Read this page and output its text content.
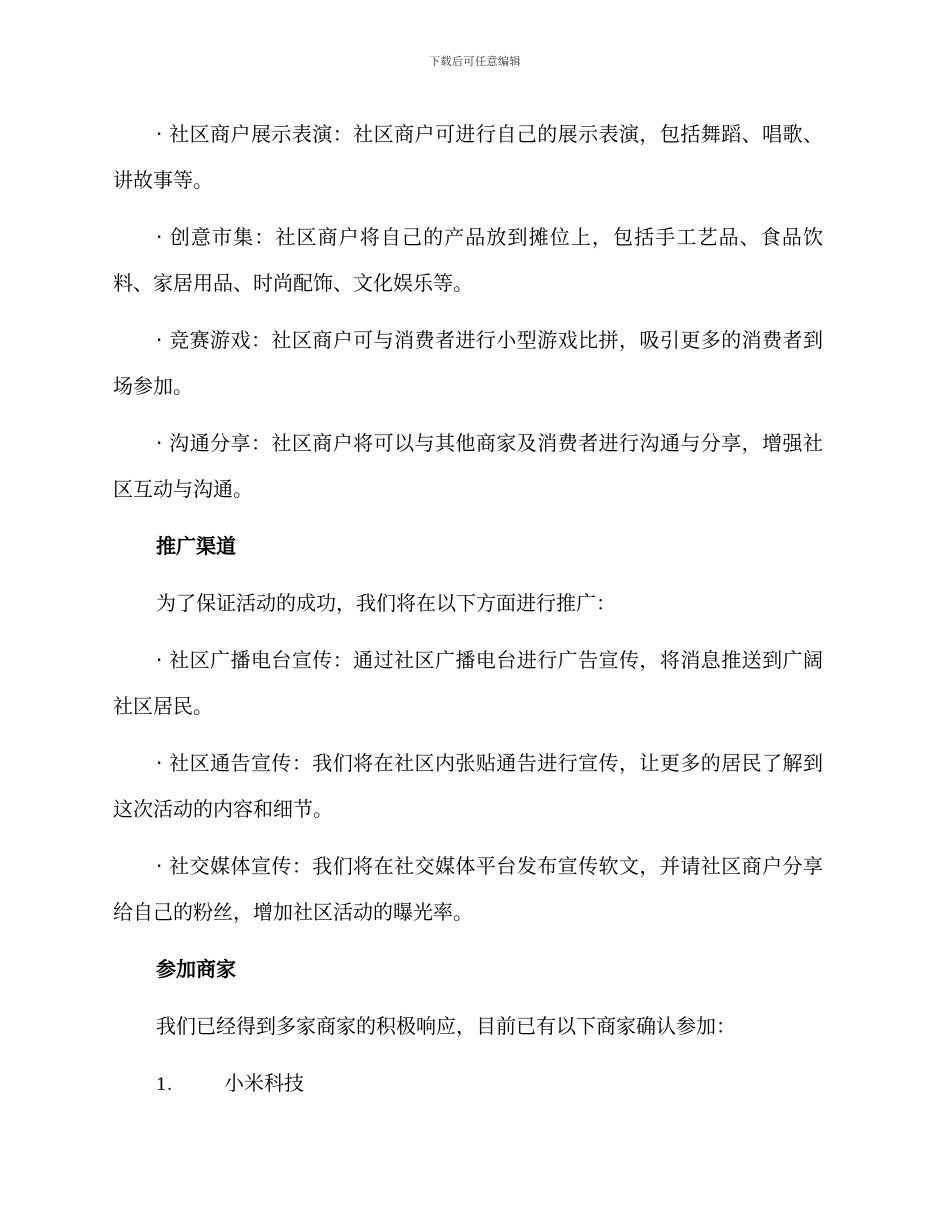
下载后可任意编辑

· 社区商户展示表演：社区商户可进行自己的展示表演，包括舞蹈、唱歌、讲故事等。

· 创意市集：社区商户将自己的产品放到摊位上，包括手工艺品、食品饮料、家居用品、时尚配饰、文化娱乐等。

· 竞赛游戏：社区商户可与消费者进行小型游戏比拼，吸引更多的消费者到场参加。

· 沟通分享：社区商户将可以与其他商家及消费者进行沟通与分享，增强社区互动与沟通。

推广渠道

为了保证活动的成功，我们将在以下方面进行推广：

· 社区广播电台宣传：通过社区广播电台进行广告宣传，将消息推送到广阔社区居民。

· 社区通告宣传：我们将在社区内张贴通告进行宣传，让更多的居民了解到这次活动的内容和细节。

· 社交媒体宣传：我们将在社交媒体平台发布宣传软文，并请社区商户分享给自己的粉丝，增加社区活动的曝光率。

参加商家

我们已经得到多家商家的积极响应，目前已有以下商家确认参加：

1.	小米科技
